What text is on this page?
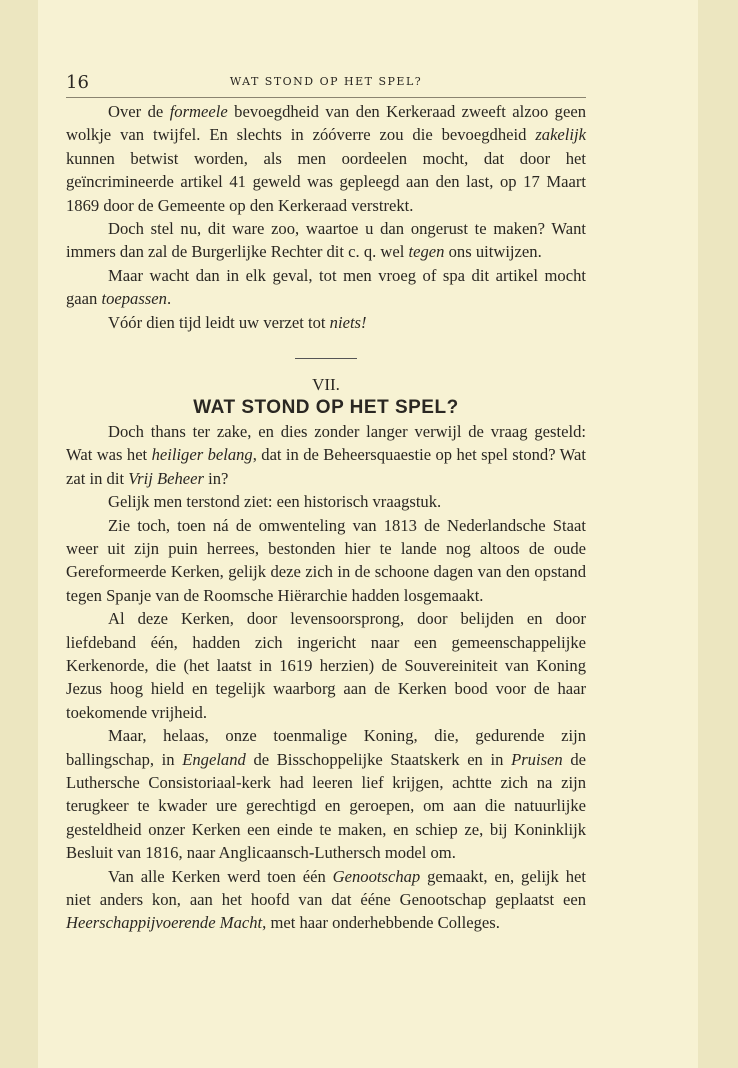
16	WAT STOND OP HET SPEL?

Over de formeele bevoegdheid van den Kerkeraad zweeft alzoo geen wolkje van twijfel. En slechts in zóóverre zou die bevoegdheid zakelijk kunnen betwist worden, als men oordeelen mocht, dat door het geïncrimineerde artikel 41 geweld was gepleegd aan den last, op 17 Maart 1869 door de Gemeente op den Kerkeraad verstrekt.

Doch stel nu, dit ware zoo, waartoe u dan ongerust te maken? Want immers dan zal de Burgerlijke Rechter dit c. q. wel tegen ons uitwijzen.

Maar wacht dan in elk geval, tot men vroeg of spa dit artikel mocht gaan toepassen.

Vóór dien tijd leidt uw verzet tot niets!

VII.

WAT STOND OP HET SPEL?

Doch thans ter zake, en dies zonder langer verwijl de vraag gesteld: Wat was het heiliger belang, dat in de Beheersquaestie op het spel stond? Wat zat in dit Vrij Beheer in?

Gelijk men terstond ziet: een historisch vraagstuk.

Zie toch, toen ná de omwenteling van 1813 de Nederlandsche Staat weer uit zijn puin herrees, bestonden hier te lande nog altoos de oude Gereformeerde Kerken, gelijk deze zich in de schoone dagen van den opstand tegen Spanje van de Roomsche Hiërarchie hadden losgemaakt.

Al deze Kerken, door levensoorsprong, door belijden en door liefdeband één, hadden zich ingericht naar een gemeenschappelijke Kerkenorde, die (het laatst in 1619 herzien) de Souvereiniteit van Koning Jezus hoog hield en tegelijk waarborg aan de Kerken bood voor de haar toekomende vrijheid.

Maar, helaas, onze toenmalige Koning, die, gedurende zijn ballingschap, in Engeland de Bisschoppelijke Staatskerk en in Pruisen de Luthersche Consistoriaal-kerk had leeren lief krijgen, achtte zich na zijn terugkeer te kwader ure gerechtigd en geroepen, om aan die natuurlijke gesteldheid onzer Kerken een einde te maken, en schiep ze, bij Koninklijk Besluit van 1816, naar Anglicaansch-Luthersch model om.

Van alle Kerken werd toen één Genootschap gemaakt, en, gelijk het niet anders kon, aan het hoofd van dat ééne Genootschap geplaatst een Heerschappijvoerende Macht, met haar onderhebbende Colleges.
